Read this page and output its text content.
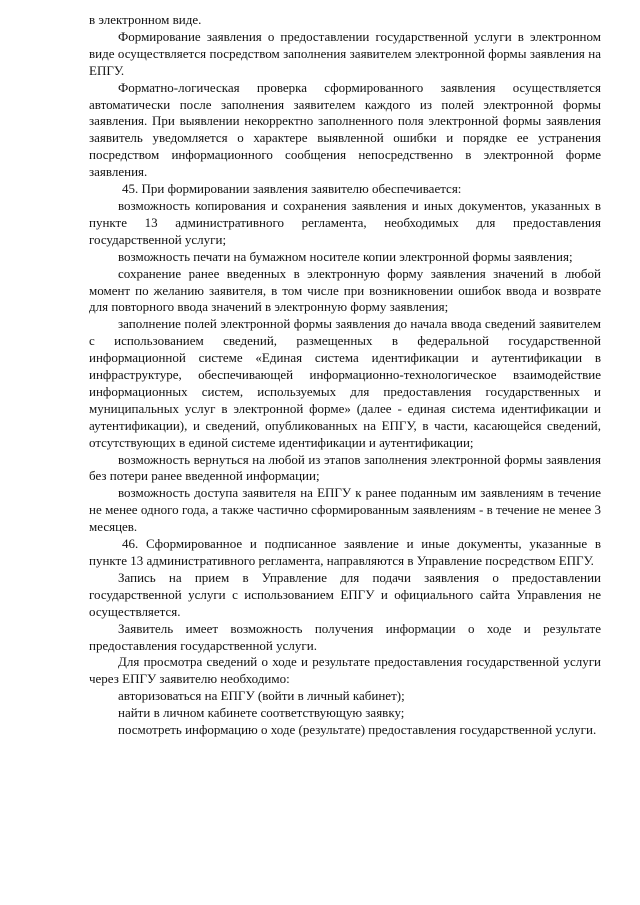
в электронном виде.

Формирование заявления о предоставлении государственной услуги в электронном виде осуществляется посредством заполнения заявителем электронной формы заявления на ЕПГУ.

Форматно-логическая проверка сформированного заявления осуществляется автоматически после заполнения заявителем каждого из полей электронной формы заявления. При выявлении некорректно заполненного поля электронной формы заявления заявитель уведомляется о характере выявленной ошибки и порядке ее устранения посредством информационного сообщения непосредственно в электронной форме заявления.

45. При формировании заявления заявителю обеспечивается:

возможность копирования и сохранения заявления и иных документов, указанных в пункте 13 административного регламента, необходимых для предоставления государственной услуги;

возможность печати на бумажном носителе копии электронной формы заявления;

сохранение ранее введенных в электронную форму заявления значений в любой момент по желанию заявителя, в том числе при возникновении ошибок ввода и возврате для повторного ввода значений в электронную форму заявления;

заполнение полей электронной формы заявления до начала ввода сведений заявителем с использованием сведений, размещенных в федеральной государственной информационной системе «Единая система идентификации и аутентификации в инфраструктуре, обеспечивающей информационно-технологическое взаимодействие информационных систем, используемых для предоставления государственных и муниципальных услуг в электронной форме» (далее - единая система идентификации и аутентификации), и сведений, опубликованных на ЕПГУ, в части, касающейся сведений, отсутствующих в единой системе идентификации и аутентификации;

возможность вернуться на любой из этапов заполнения электронной формы заявления без потери ранее введенной информации;

возможность доступа заявителя на ЕПГУ к ранее поданным им заявлениям в течение не менее одного года, а также частично сформированным заявлениям - в течение не менее 3 месяцев.

46. Сформированное и подписанное заявление и иные документы, указанные в пункте 13 административного регламента, направляются в Управление посредством ЕПГУ.

Запись на прием в Управление для подачи заявления о предоставлении государственной услуги с использованием ЕПГУ и официального сайта Управления не осуществляется.

Заявитель имеет возможность получения информации о ходе и результате предоставления государственной услуги.

Для просмотра сведений о ходе и результате предоставления государственной услуги через ЕПГУ заявителю необходимо:

авторизоваться на ЕПГУ (войти в личный кабинет);

найти в личном кабинете соответствующую заявку;

посмотреть информацию о ходе (результате) предоставления государственной услуги.
